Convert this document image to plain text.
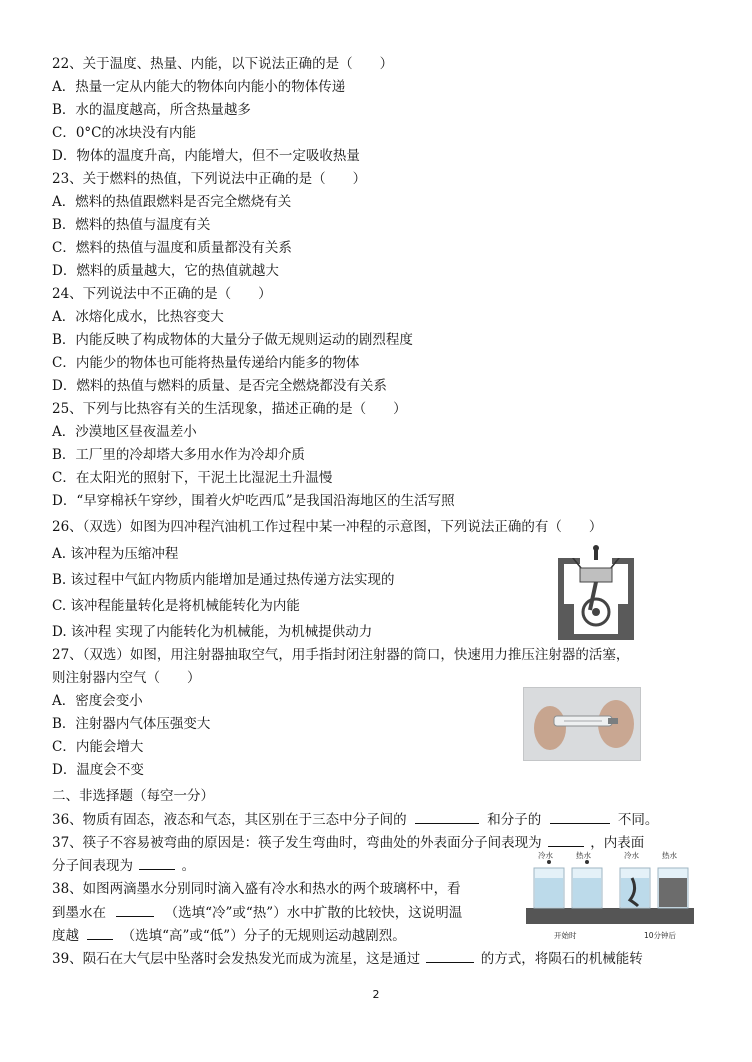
22、关于温度、热量、内能，以下说法正确的是（　　）
A．热量一定从内能大的物体向内能小的物体传递
B．水的温度越高，所含热量越多
C．0°C的冰块没有内能
D．物体的温度升高，内能增大，但不一定吸收热量
23、关于燃料的热值，下列说法中正确的是（　　）
A．燃料的热值跟燃料是否完全燃烧有关
B．燃料的热值与温度有关
C．燃料的热值与温度和质量都没有关系
D．燃料的质量越大，它的热值就越大
24、下列说法中不正确的是（　　）
A．冰熔化成水，比热容变大
B．内能反映了构成物体的大量分子做无规则运动的剧烈程度
C．内能少的物体也可能将热量传递给内能多的物体
D．燃料的热值与燃料的质量、是否完全燃烧都没有关系
25、下列与比热容有关的生活现象，描述正确的是（　　）
A．沙漠地区昼夜温差小
B．工厂里的冷却塔大多用水作为冷却介质
C．在太阳光的照射下，干泥土比湿泥土升温慢
D．“早穿棉袄午穿纱，围着火炉吃西瓜”是我国沿海地区的生活写照
26、（双选）如图为四冲程汽油机工作过程中某一冲程的示意图，下列说法正确的有（　　）
A. 该冲程为压缩冲程
B. 该过程中气缸内物质内能增加是通过热传递方法实现的
C. 该冲程能量转化是将机械能转化为内能
D. 该冲程 实现了内能转化为机械能，为机械提供动力
27、（双选）如图，用注射器抽取空气，用手指封闭注射器的筒口，快速用力推压注射器的活塞，
则注射器内空气（　　）
A．密度会变小
B．注射器内气体压强变大
C．内能会增大
D．温度会不变
二、非选择题（每空一分）
36、物质有固态，液态和气态，其区别在于三态中分子间的	和分子的	不同。
37、筷子不容易被弯曲的原因是：筷子发生弯曲时，弯曲处的外表面分子间表现为	，内表面
分子间表现为	。
38、如图两滴墨水分别同时滴入盛有冷水和热水的两个玻璃杯中，看
到墨水在	（选填“冷”或“热”）水中扩散的比较快，这说明温
度越	（选填“高”或“低”）分子的无规则运动越剧烈。
39、陨石在大气层中坠落时会发热发光而成为流星，这是通过	的方式，将陨石的机械能转
冷水	热水	冷水	热水
开始时	10分钟后
2
